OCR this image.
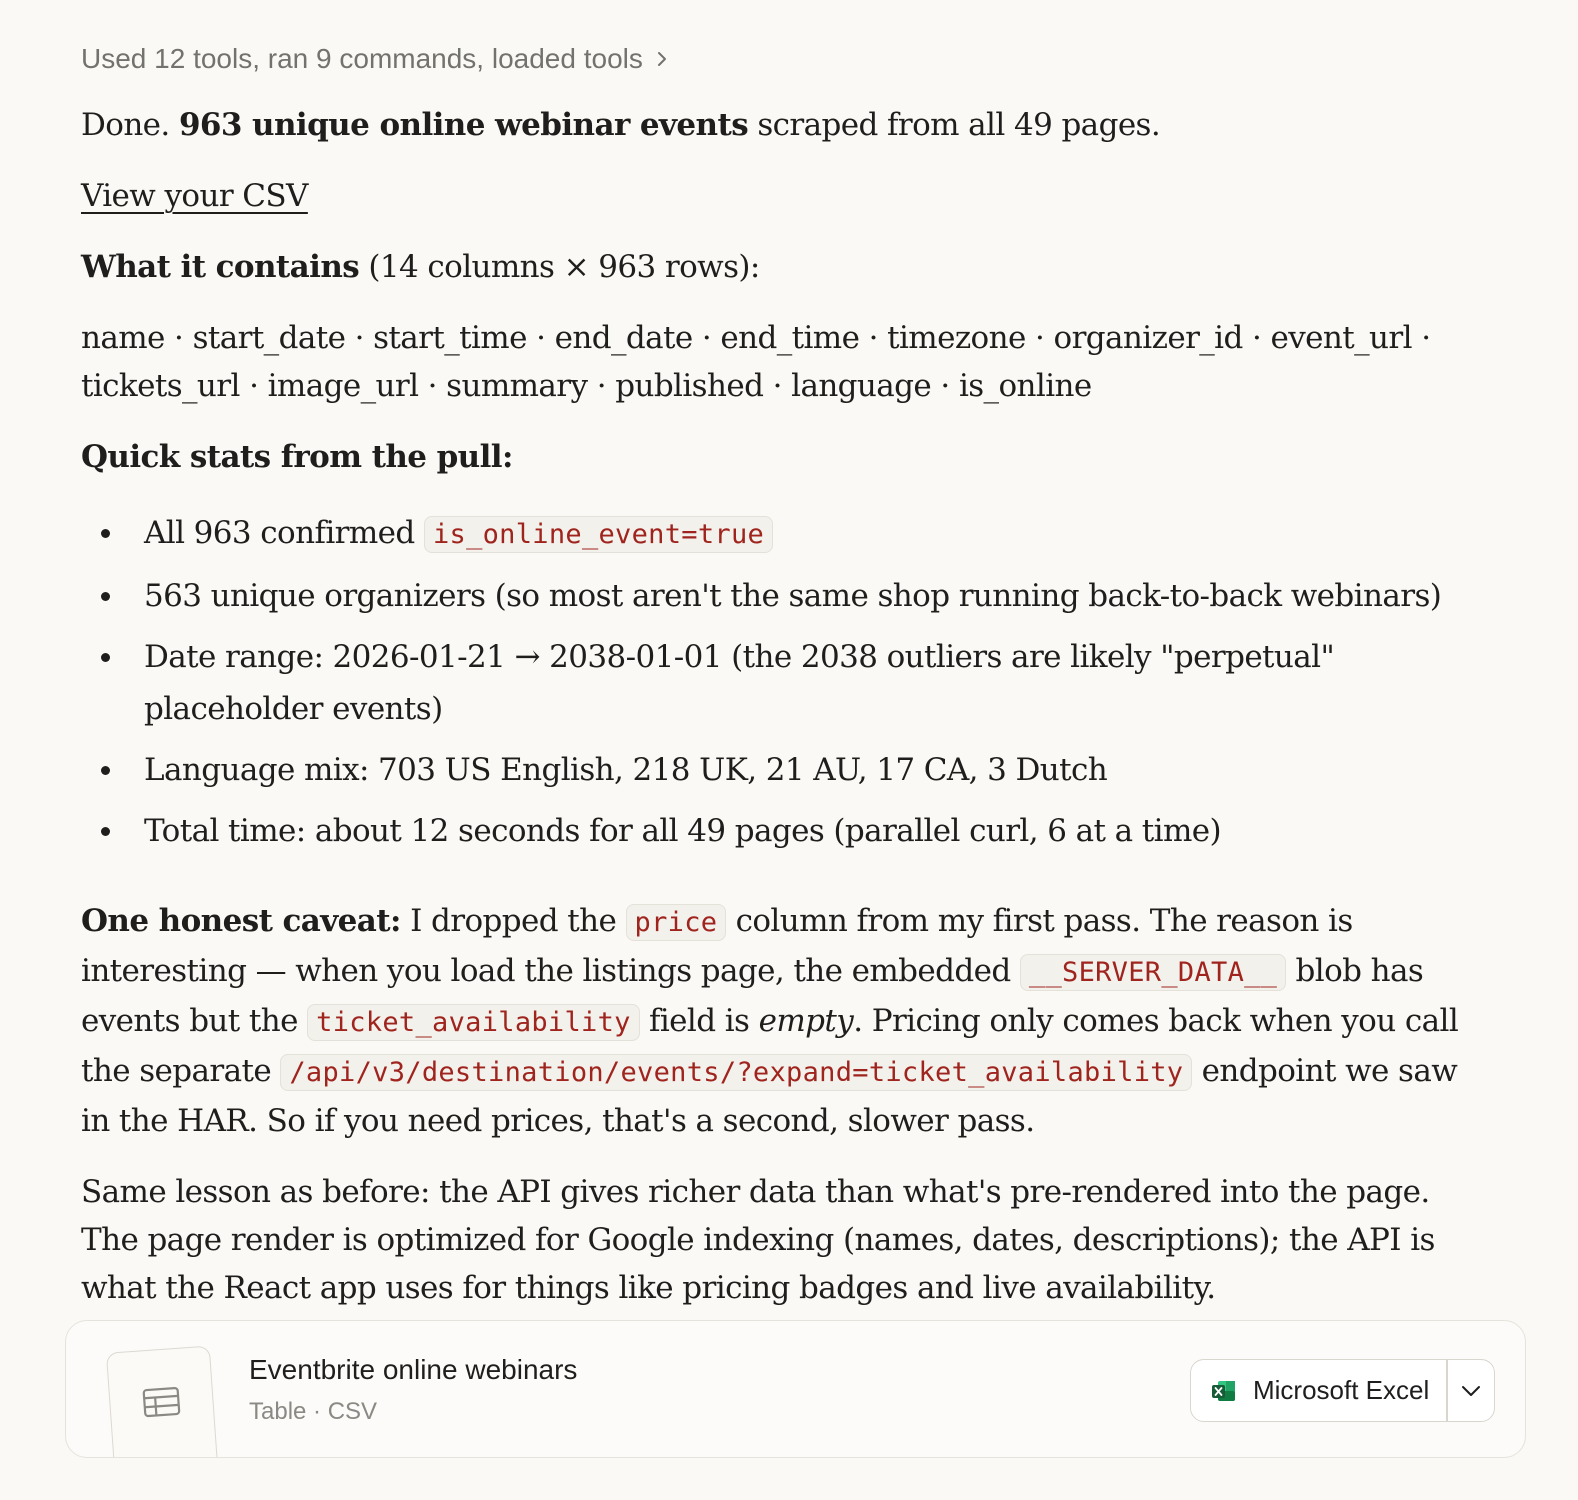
Used 12 tools, ran 9 commands, loaded tools

Done. 963 unique online webinar events scraped from all 49 pages.

View your CSV

What it contains (14 columns × 963 rows):

name · start_date · start_time · end_date · end_time · timezone · organizer_id · event_url · tickets_url · image_url · summary · published · language · is_online

Quick stats from the pull:

All 963 confirmed is_online_event=true
563 unique organizers (so most aren't the same shop running back-to-back webinars)
Date range: 2026-01-21 → 2038-01-01 (the 2038 outliers are likely "perpetual" placeholder events)
Language mix: 703 US English, 218 UK, 21 AU, 17 CA, 3 Dutch
Total time: about 12 seconds for all 49 pages (parallel curl, 6 at a time)

One honest caveat: I dropped the price column from my first pass. The reason is interesting — when you load the listings page, the embedded __SERVER_DATA__ blob has events but the ticket_availability field is empty. Pricing only comes back when you call the separate /api/v3/destination/events/?expand=ticket_availability endpoint we saw in the HAR. So if you need prices, that's a second, slower pass.

Same lesson as before: the API gives richer data than what's pre-rendered into the page. The page render is optimized for Google indexing (names, dates, descriptions); the API is what the React app uses for things like pricing badges and live availability.

Eventbrite online webinars
Table · CSV
Microsoft Excel
